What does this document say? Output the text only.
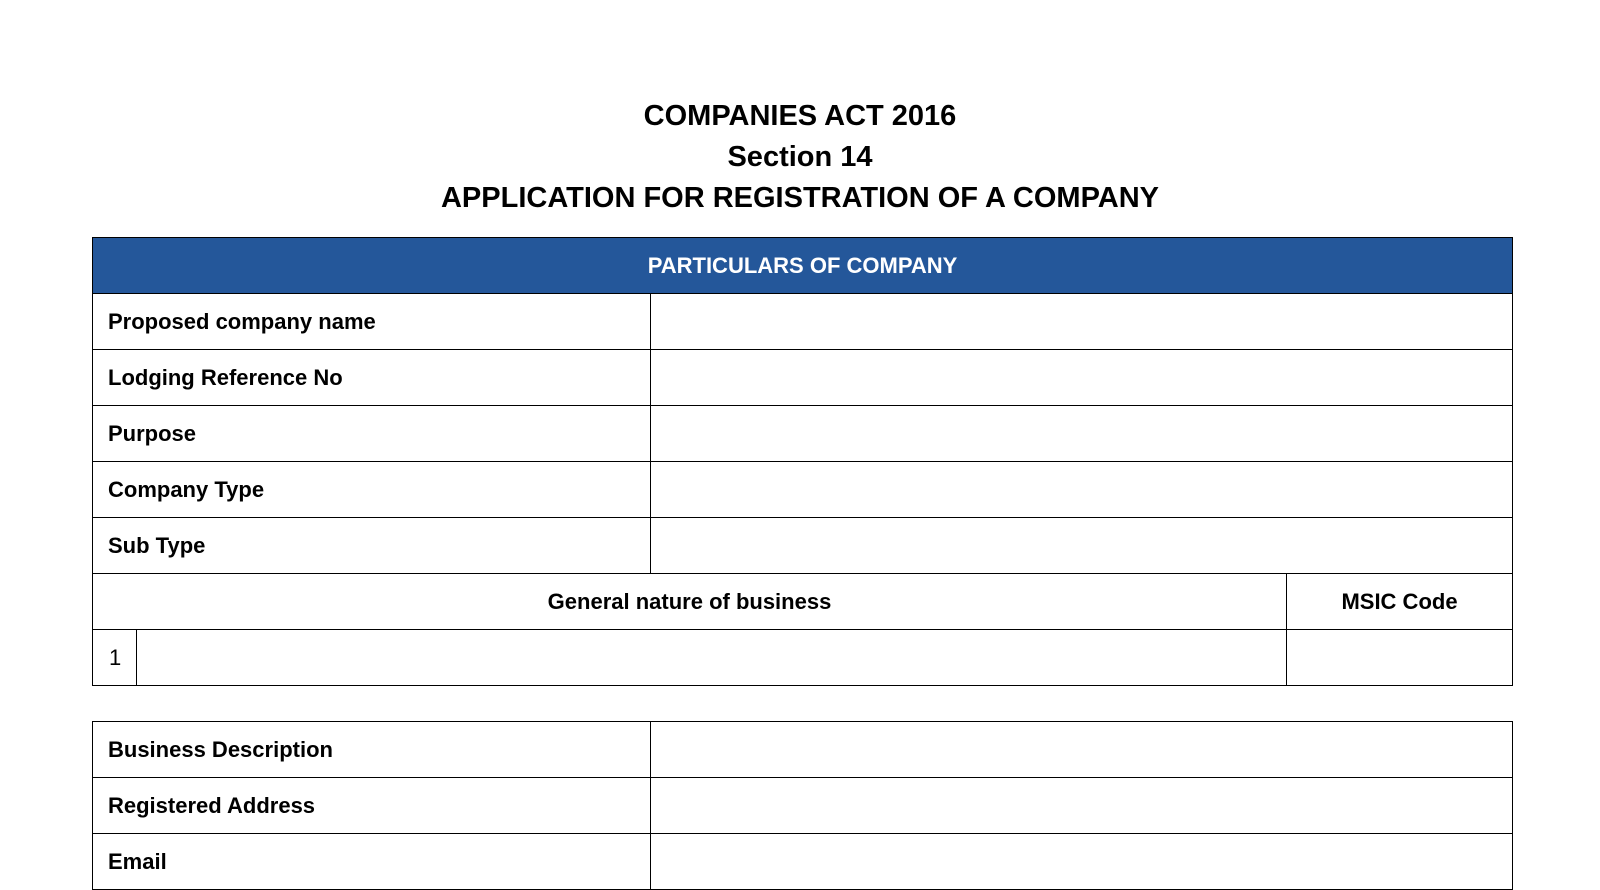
COMPANIES ACT 2016
Section 14
APPLICATION FOR REGISTRATION OF A COMPANY
PARTICULARS OF COMPANY			
Proposed company name			
Lodging Reference No			
Purpose			
Company Type			
Sub Type			
General nature of business			MSIC Code
1			
Business Description	
Registered Address	
Email	
